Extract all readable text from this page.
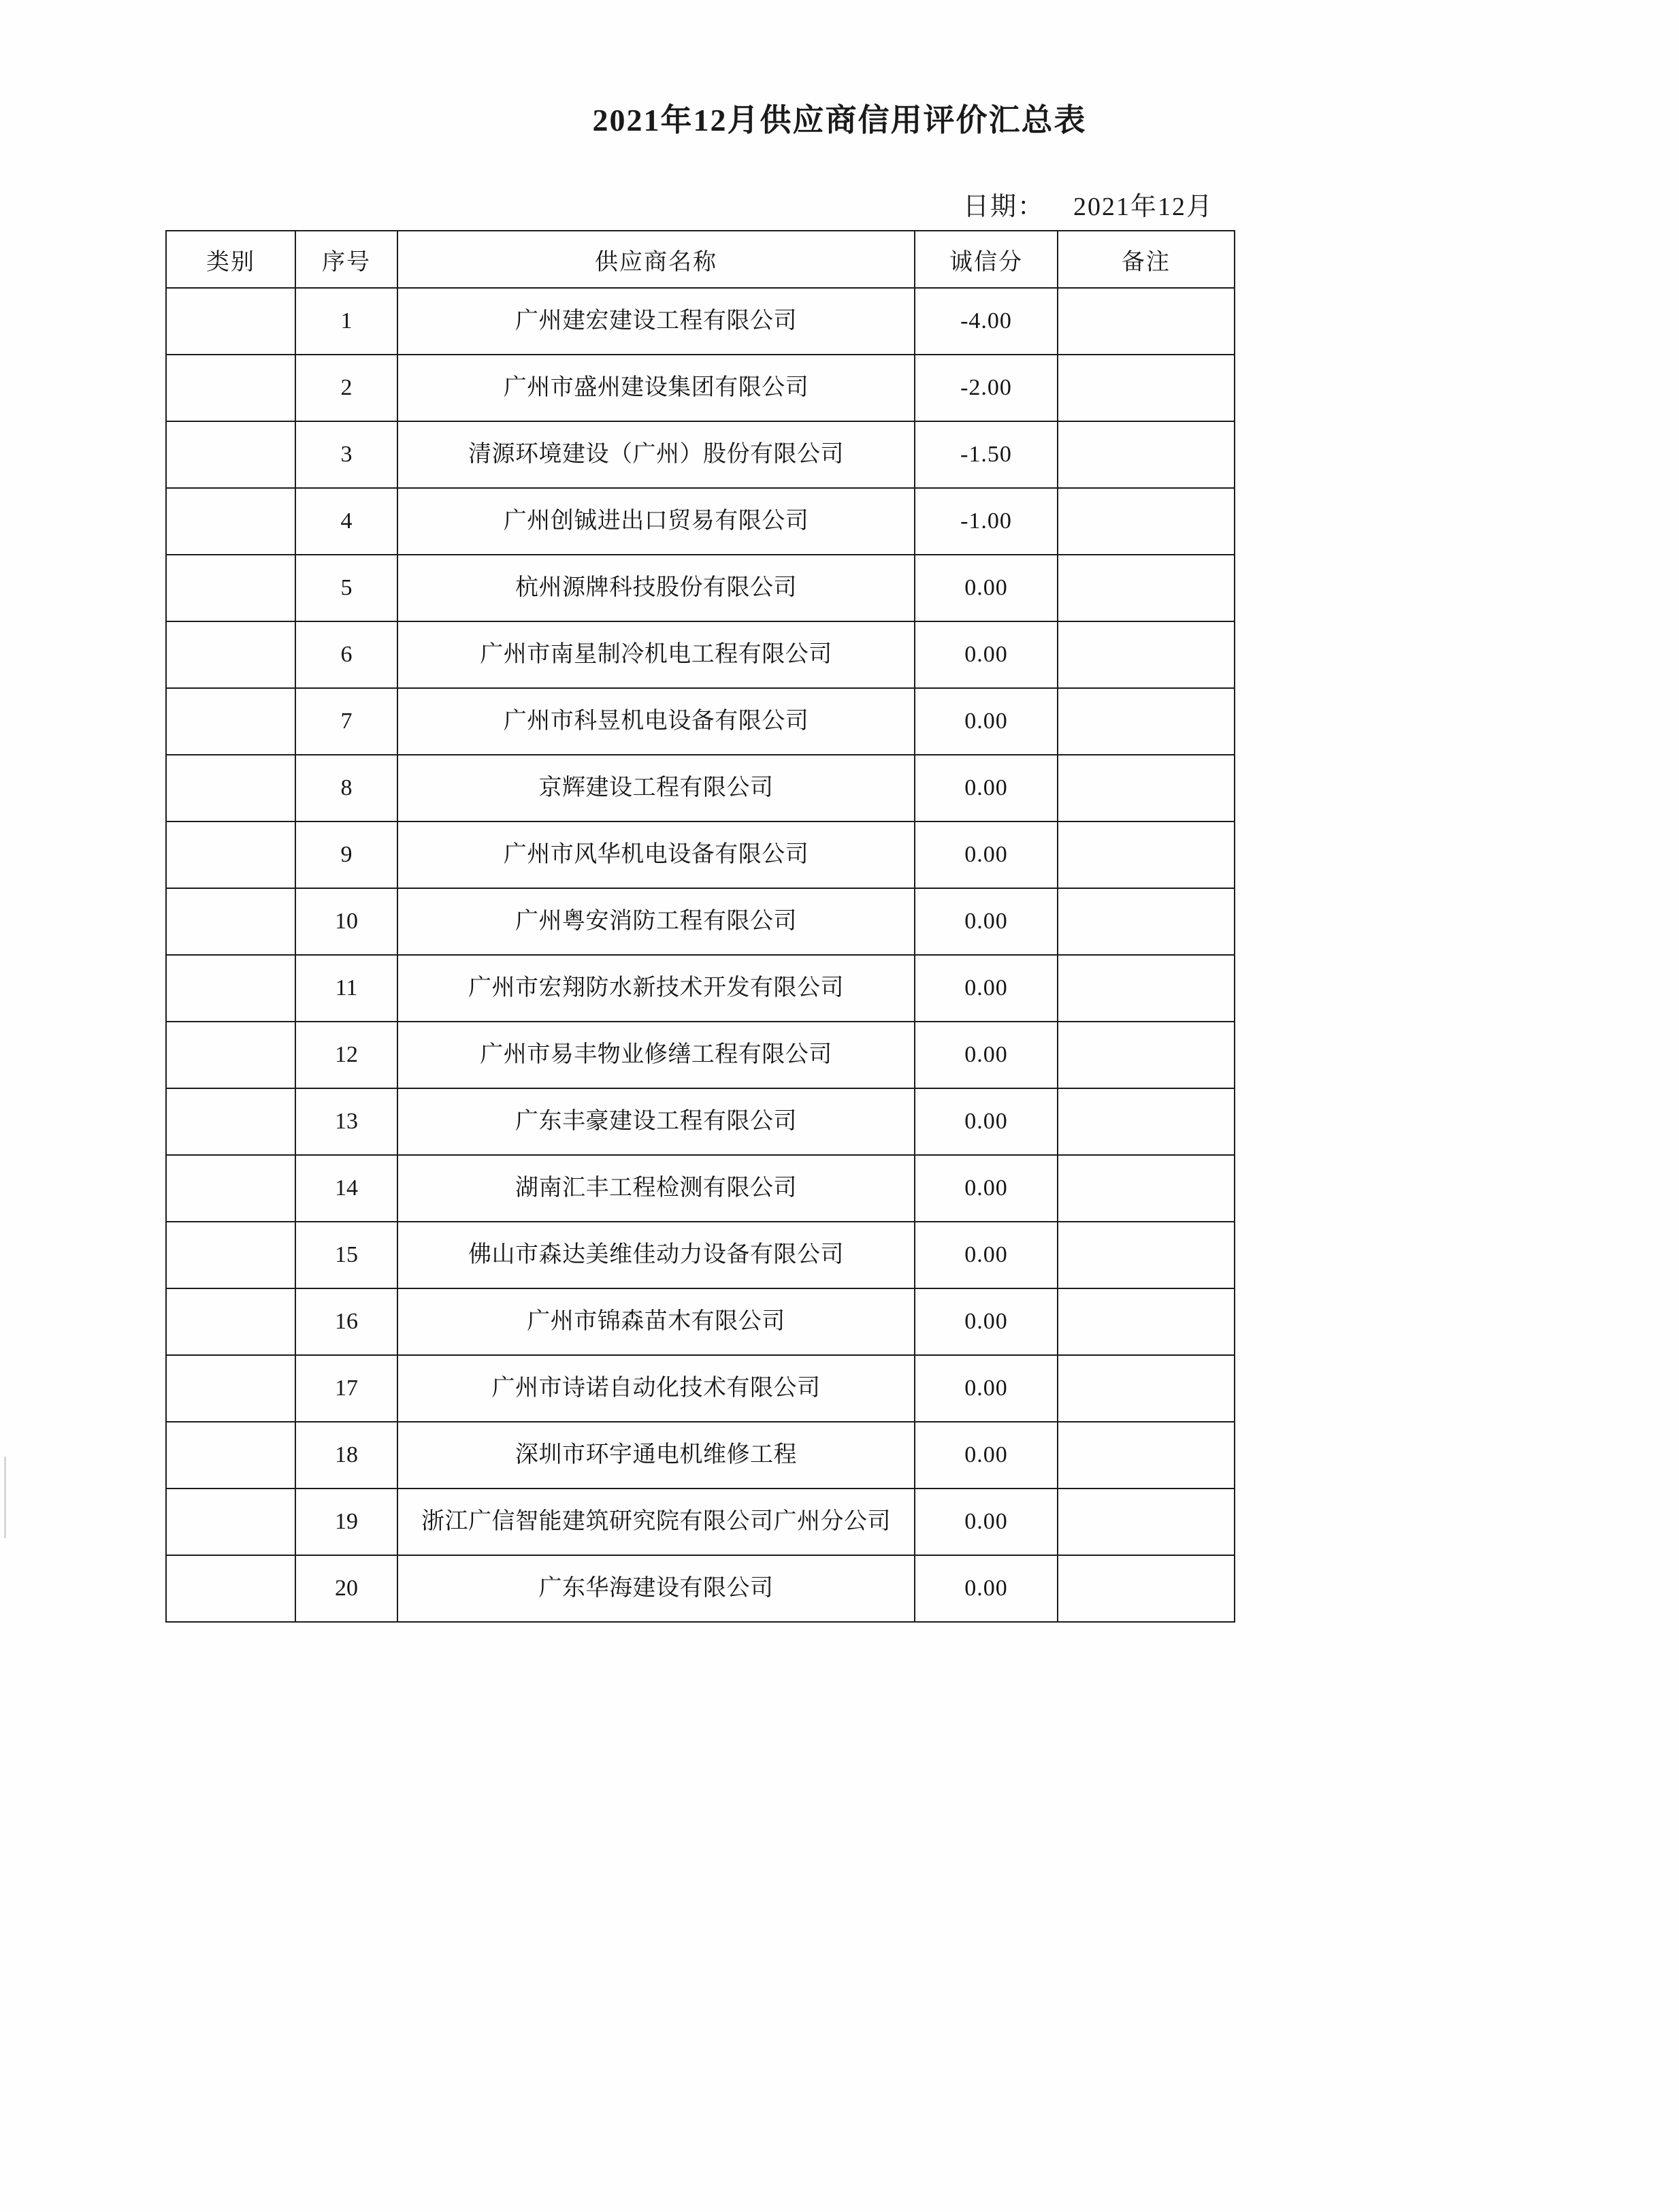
2021年12月供应商信用评价汇总表
日期： 2021年12月
类别	序号	供应商名称	诚信分	备注
	1	广州建宏建设工程有限公司	-4.00	
	2	广州市盛州建设集团有限公司	-2.00	
	3	清源环境建设（广州）股份有限公司	-1.50	
	4	广州创铖进出口贸易有限公司	-1.00	
	5	杭州源牌科技股份有限公司	0.00	
	6	广州市南星制冷机电工程有限公司	0.00	
	7	广州市科昱机电设备有限公司	0.00	
	8	京辉建设工程有限公司	0.00	
	9	广州市风华机电设备有限公司	0.00	
	10	广州粤安消防工程有限公司	0.00	
	11	广州市宏翔防水新技术开发有限公司	0.00	
	12	广州市易丰物业修缮工程有限公司	0.00	
	13	广东丰豪建设工程有限公司	0.00	
	14	湖南汇丰工程检测有限公司	0.00	
	15	佛山市森达美维佳动力设备有限公司	0.00	
	16	广州市锦森苗木有限公司	0.00	
	17	广州市诗诺自动化技术有限公司	0.00	
	18	深圳市环宇通电机维修工程	0.00	
	19	浙江广信智能建筑研究院有限公司广州分公司	0.00	
	20	广东华海建设有限公司	0.00	
